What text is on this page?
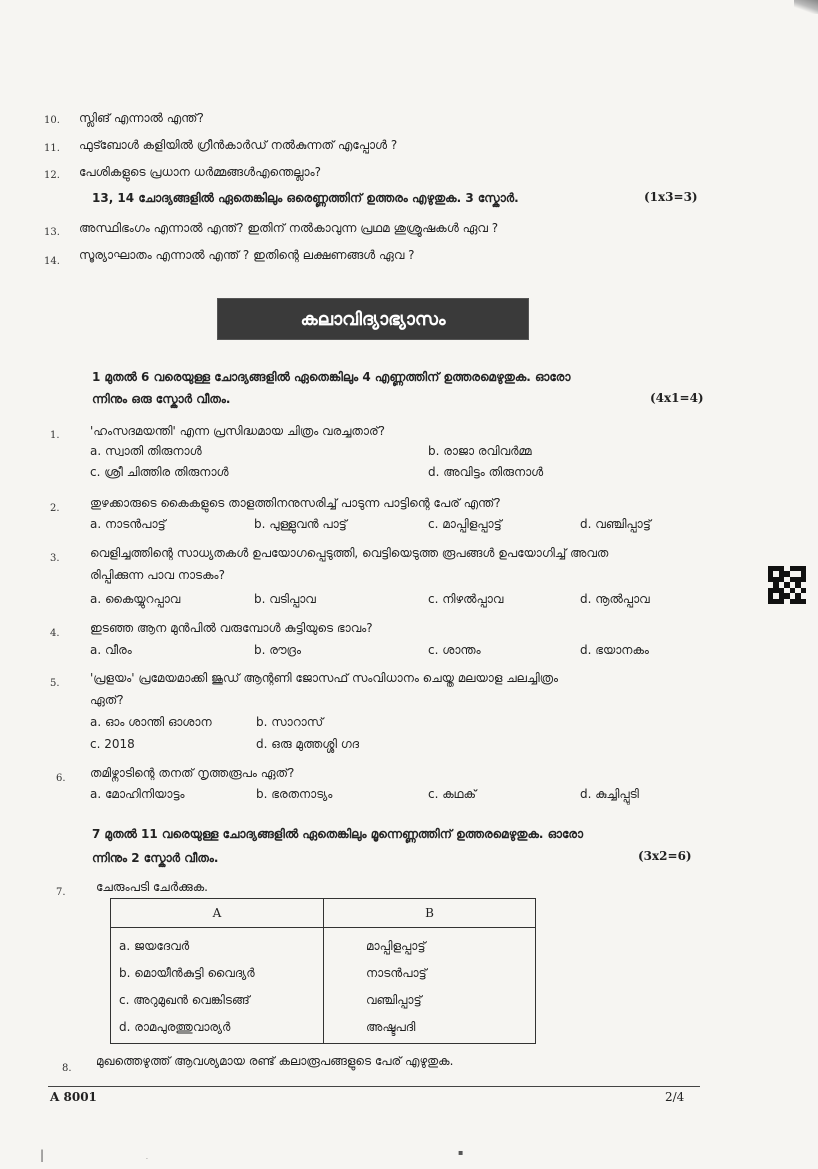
10. സ്ലിങ് എന്നാൽ എന്ത്?
11. ഫുട്ബോൾ കളിയിൽ ഗ്രീൻകാർഡ് നൽകുന്നത് എപ്പോൾ ?
12. പേശികളുടെ പ്രധാന ധർമ്മങ്ങൾഎന്തെല്ലാം?
13, 14 ചോദ്യങ്ങളിൽ ഏതെങ്കിലും ഒരെണ്ണത്തിന് ഉത്തരം എഴുതുക. 3 സ്കോർ.	(1x3=3)
13. അസ്ഥിഭംഗം എന്നാൽ എന്ത്? ഇതിന് നൽകാവുന്ന പ്രഥമ ശുശ്രൂഷകൾ ഏവ ?
14. സൂര്യാഘാതം എന്നാൽ എന്ത് ? ഇതിന്റെ ലക്ഷണങ്ങൾ ഏവ ?
കലാവിദ്യാഭ്യാസം
1 മുതൽ 6 വരെയുള്ള ചോദ്യങ്ങളിൽ ഏതെങ്കിലും 4 എണ്ണത്തിന് ഉത്തരമെഴുതുക. ഓരോ
ന്നിനും ഒരു സ്കോർ വീതം.	(4x1=4)
1.	'ഹംസദമയന്തി' എന്ന പ്രസിദ്ധമായ ചിത്രം വരച്ചതാര്?
a. സ്വാതി തിരുനാൾ	b. രാജാ രവിവർമ്മ
c. ശ്രീ ചിത്തിര തിരുനാൾ	d. അവിട്ടം തിരുനാൾ
2.	തുഴക്കാരുടെ കൈകളുടെ താളത്തിനനുസരിച്ച് പാടുന്ന പാട്ടിന്റെ പേര് എന്ത്?
a. നാടൻപാട്ട്	b. പുള്ളുവൻ പാട്ട്	c. മാപ്പിളപ്പാട്ട്	d. വഞ്ചിപ്പാട്ട്
3.	വെളിച്ചത്തിന്റെ സാധ്യതകൾ ഉപയോഗപ്പെടുത്തി, വെട്ടിയെടുത്ത രൂപങ്ങൾ ഉപയോഗിച്ച് അവത
രിപ്പിക്കുന്ന പാവ നാടകം?
a. കൈയ്യുറപ്പാവ	b. വടിപ്പാവ	c. നിഴൽപ്പാവ	d. നൂൽപ്പാവ
4.	ഇടഞ്ഞ ആന മുൻപിൽ വരുമ്പോൾ കുട്ടിയുടെ ഭാവം?
a. വീരം	b. രൗദ്രം	c. ശാന്തം	d. ഭയാനകം
5.	'പ്രളയം' പ്രമേയമാക്കി ജൂഡ് ആന്റണി ജോസഫ് സംവിധാനം ചെയ്ത മലയാള ചലച്ചിത്രം
ഏത്?
a. ഓം ശാന്തി ഓശാന	b. സാറാസ്
c. 2018	d. ഒരു മുത്തശ്ശി ഗദ
6. തമിഴ്നാടിന്റെ തനത് നൃത്തരൂപം ഏത്?
a. മോഹിനിയാട്ടം	b. ഭരതനാട്യം	c. കഥക്	d. കുച്ചിപ്പുടി
7 മുതൽ 11 വരെയുള്ള ചോദ്യങ്ങളിൽ ഏതെങ്കിലും മൂന്നെണ്ണത്തിന് ഉത്തരമെഴുതുക. ഓരോ
ന്നിനും 2 സ്കോർ വീതം.	(3x2=6)
7.	ചേരുംപടി ചേർക്കുക.
A	B
a. ജയദേവർ	മാപ്പിളപ്പാട്ട്
b. മൊയീൻകുട്ടി വൈദ്യർ	നാടൻപാട്ട്
c. അറുമുഖൻ വെങ്കിടങ്ങ്	വഞ്ചിപ്പാട്ട്
d. രാമപുരത്തുവാര്യർ	അഷ്ടപദി
8.
മുഖത്തെഴുത്ത് ആവശ്യമായ രണ്ട് കലാരൂപങ്ങളുടെ പേര് എഴുതുക.
A 8001	2/4
|	▪
·
